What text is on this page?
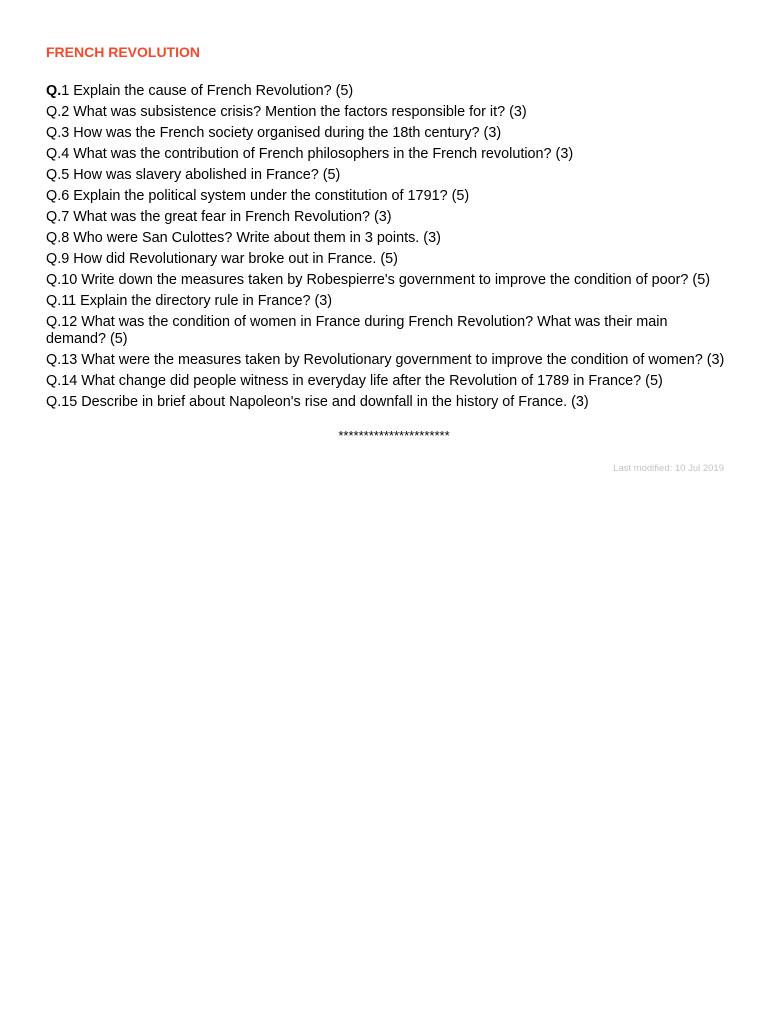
FRENCH REVOLUTION
Q.1 Explain the cause of French Revolution? (5)
Q.2 What was subsistence crisis? Mention the factors responsible for it? (3)
Q.3 How was the French society organised during the 18th century? (3)
Q.4 What was the contribution of French philosophers in the French revolution? (3)
Q.5 How was slavery abolished in France? (5)
Q.6 Explain the political system under the constitution of 1791? (5)
Q.7 What was the great fear in French Revolution? (3)
Q.8 Who were San Culottes? Write about them in 3 points. (3)
Q.9 How did Revolutionary war broke out in France. (5)
Q.10 Write down the measures taken by Robespierre's government to improve the condition of poor? (5)
Q.11 Explain the directory rule in France? (3)
Q.12 What was the condition of women in France during French Revolution? What was their main demand? (5)
Q.13 What were the measures taken by Revolutionary government to improve the condition of women? (3)
Q.14 What change did people witness in everyday life after the Revolution of 1789 in France? (5)
Q.15 Describe in brief about Napoleon's rise and downfall in the history of France. (3)
**********************
Last modified: 10 Jul 2019
